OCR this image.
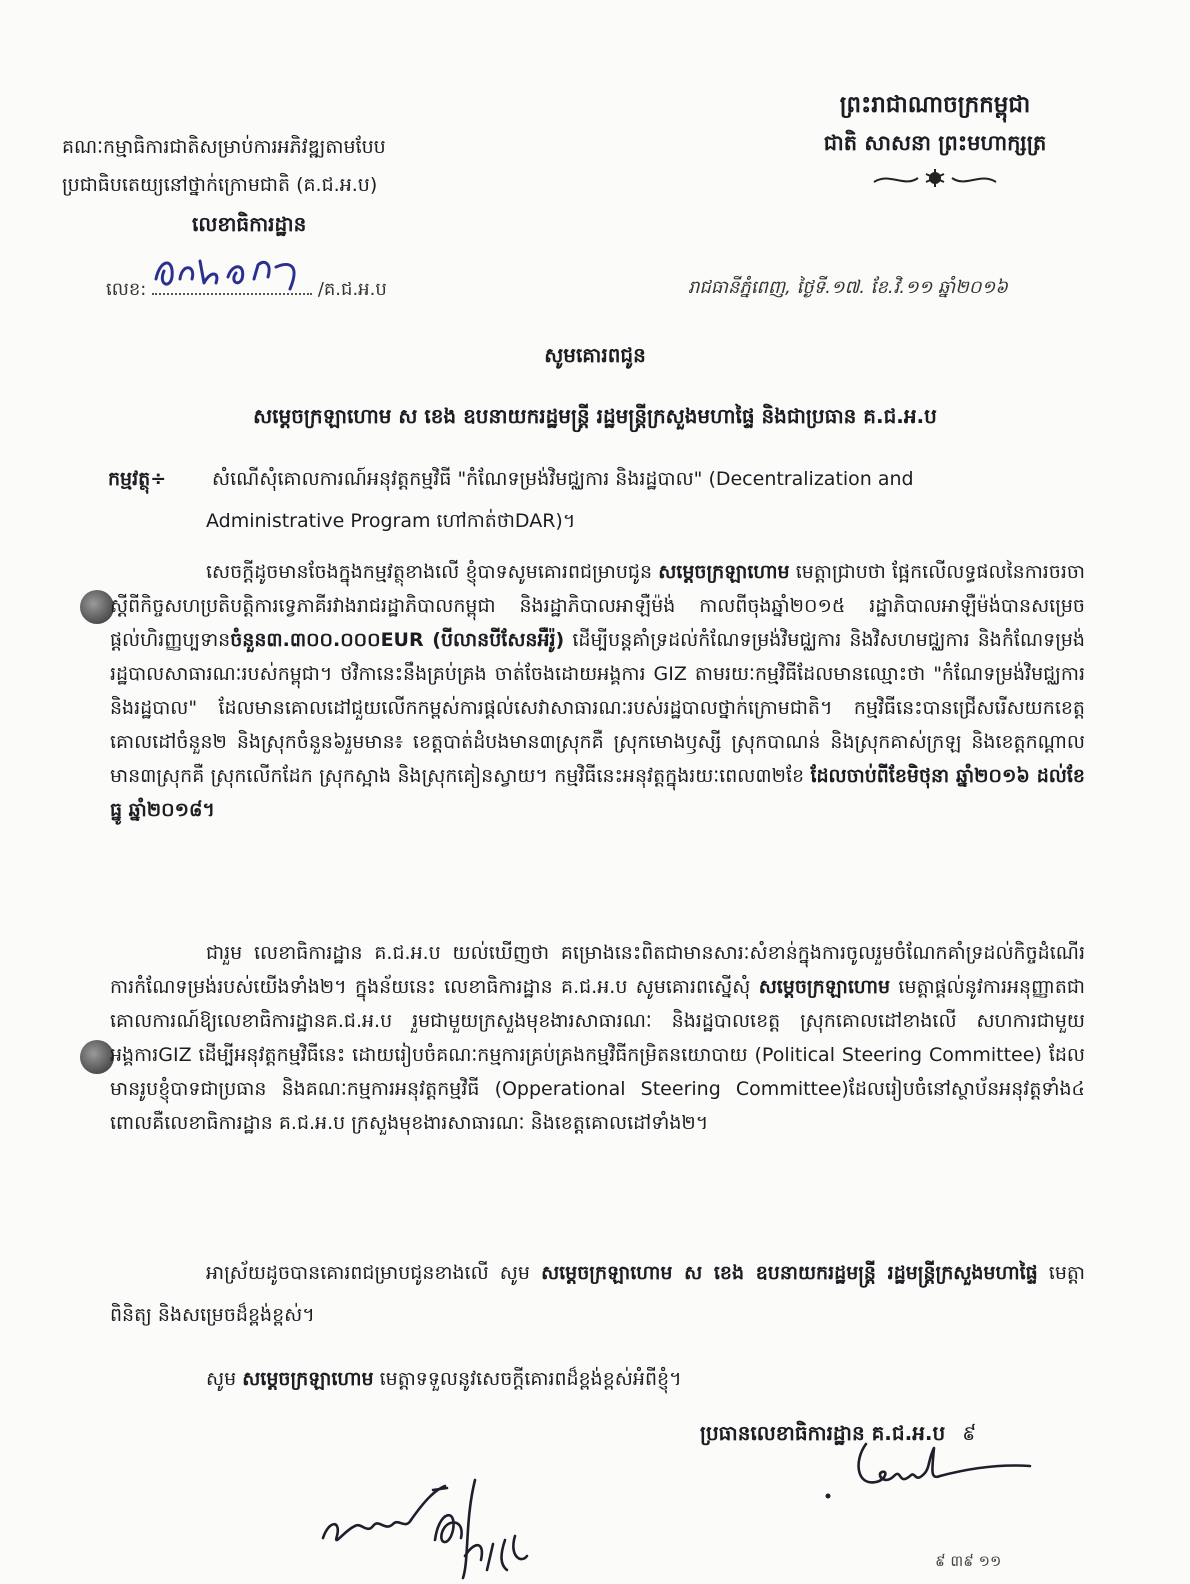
ព្រះរាជាណាចក្រកម្ពុជា
ជាតិ សាសនា ព្រះមហាក្សត្រ
គណៈកម្មាធិការជាតិសម្រាប់ការអភិវឌ្ឍតាមបែប
ប្រជាធិបតេយ្យនៅថ្នាក់ក្រោមជាតិ (គ.ជ.អ.ប)
លេខាធិការដ្ឋាន
លេខ:	/គ.ជ.អ.ប	រាជធានីភ្នំពេញ, ថ្ងៃទី.១៧. ខែ.វិ.១១ ឆ្នាំ២០១៦
សូមគោរពជូន
សម្តេចក្រឡាហោម ស ខេង ឧបនាយករដ្ឋមន្ត្រី រដ្ឋមន្ត្រីក្រសួងមហាផ្ទៃ និងជាប្រធាន គ.ជ.អ.ប
កម្មវត្ថុ÷ សំណើសុំគោលការណ៍អនុវត្តកម្មវិធី "កំណែទម្រង់វិមជ្ឈការ និងរដ្ឋបាល" (Decentralization and
Administrative Program ហៅកាត់ថាDAR)។
សេចក្តីដូចមានចែងក្នុងកម្មវត្ថុខាងលើ ខ្ញុំបាទសូមគោរពជម្រាបជូន សម្តេចក្រឡាហោម មេត្តាជ្រាបថា ផ្អែកលើលទ្ធផលនៃការចរចាស្តីពីកិច្ចសហប្រតិបត្តិការទ្វេភាគីរវាងរាជរដ្ឋាភិបាលកម្ពុជា និងរដ្ឋាភិបាលអាឡឺម៉ង់ កាលពីចុងឆ្នាំ២០១៥ រដ្ឋាភិបាលអាឡឺម៉ង់បានសម្រេចផ្តល់ហិរញ្ញប្បទានចំនួន៣.៣០០.០០០EUR (បីលានបីសែនអឺរ៉ូ) ដើម្បីបន្តគាំទ្រដល់កំណែទម្រង់វិមជ្ឈការ និងវិសហមជ្ឈការ និងកំណែទម្រង់រដ្ឋបាលសាធារណៈរបស់កម្ពុជា។ ថវិកានេះនឹងគ្រប់គ្រង ចាត់ចែងដោយអង្គការ GIZ តាមរយៈកម្មវិធីដែលមានឈ្មោះថា "កំណែទម្រង់វិមជ្ឈការ និងរដ្ឋបាល" ដែលមានគោលដៅជួយលើកកម្ពស់ការផ្តល់សេវាសាធារណៈរបស់រដ្ឋបាលថ្នាក់ក្រោមជាតិ។ កម្មវិធីនេះបានជ្រើសរើសយកខេត្តគោលដៅចំនួន២ និងស្រុកចំនួន៦រួមមាន៖ ខេត្តបាត់ដំបងមាន៣ស្រុកគឺ ស្រុកមោងឫស្សី ស្រុកបាណន់ និងស្រុកគាស់ក្រឡ និងខេត្តកណ្តាលមាន៣ស្រុកគឺ ស្រុកលើកដែក ស្រុកស្អាង និងស្រុកគៀនស្វាយ។ កម្មវិធីនេះអនុវត្តក្នុងរយៈពេល៣២ខែ ដែលចាប់ពីខែមិថុនា ឆ្នាំ២០១៦ ដល់ខែធ្នូ ឆ្នាំ២០១៨។
ជារួម លេខាធិការដ្ឋាន គ.ជ.អ.ប យល់ឃើញថា គម្រោងនេះពិតជាមានសារៈសំខាន់ក្នុងការចូលរួមចំណែកគាំទ្រដល់កិច្ចដំណើរការកំណែទម្រង់របស់យើងទាំង២។ ក្នុងន័យនេះ លេខាធិការដ្ឋាន គ.ជ.អ.ប សូមគោរពស្នើសុំ សម្តេចក្រឡាហោម មេត្តាផ្តល់នូវការអនុញ្ញាតជាគោលការណ៍ឱ្យលេខាធិការដ្ឋានគ.ជ.អ.ប រួមជាមួយក្រសួងមុខងារសាធារណៈ និងរដ្ឋបាលខេត្ត ស្រុកគោលដៅខាងលើ សហការជាមួយ អង្គការGIZ ដើម្បីអនុវត្តកម្មវិធីនេះ ដោយរៀបចំគណៈកម្មការគ្រប់គ្រងកម្មវិធីកម្រិតនយោបាយ (Political Steering Committee) ដែលមានរូបខ្ញុំបាទជាប្រធាន និងគណៈកម្មការអនុវត្តកម្មវិធី (Opperational Steering Committee)ដែលរៀបចំនៅស្ថាប័នអនុវត្តទាំង៤ ពោលគឺលេខាធិការដ្ឋាន គ.ជ.អ.ប ក្រសួងមុខងារសាធារណៈ និងខេត្តគោលដៅទាំង២។
អាស្រ័យដូចបានគោរពជម្រាបជូនខាងលើ សូម សម្តេចក្រឡាហោម ស ខេង ឧបនាយករដ្ឋមន្ត្រី រដ្ឋមន្ត្រីក្រសួងមហាផ្ទៃ មេត្តាពិនិត្យ និងសម្រេចដ៏ខ្ពង់ខ្ពស់។
សូម សម្តេចក្រឡាហោម មេត្តាទទួលនូវសេចក្តីគោរពដ៏ខ្ពង់ខ្ពស់អំពីខ្ញុំ។
ប្រធានលេខាធិការដ្ឋាន គ.ជ.អ.ប ៩
៩ ៣៩ ១១
